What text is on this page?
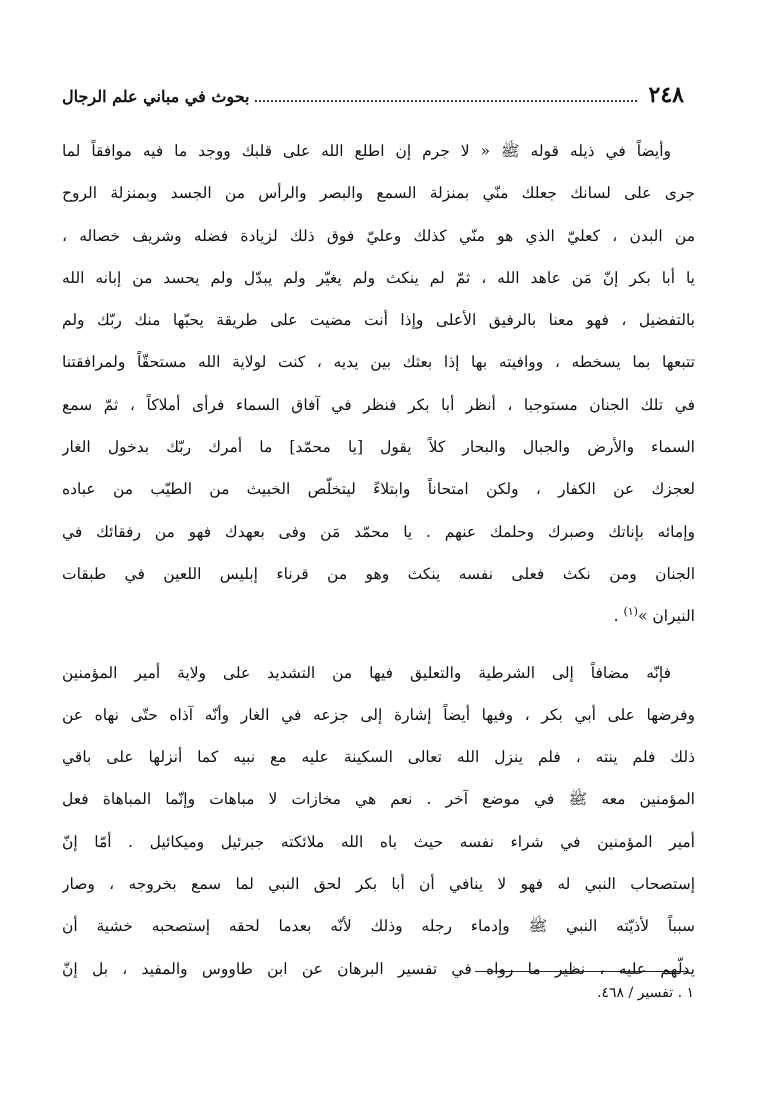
٢٤٨
بحوث في مباني علم الرجال
وأيضاً في ذيله قوله ﷺ « لا جرم إن اطلع الله على قلبك ووجد ما فيه موافقاً لما
جرى على لسانك جعلك منّي بمنزلة السمع والبصر والرأس من الجسد وبمنزلة الروح
من البدن ، كعليّ الذي هو منّي كذلك وعليّ فوق ذلك لزيادة فضله وشريف خصاله ،
يا أبا بكر إنّ مَن عاهد الله ، ثمّ لم ينكث ولم يغيّر ولم يبدّل ولم يحسد من إبانه الله
بالتفضيل ، فهو معنا بالرفيق الأعلى وإذا أنت مضيت على طريقة يحبّها منك ربّك ولم
تتبعها بما يسخطه ، ووافيته بها إذا بعثك بين يديه ، كنت لولاية الله مستحقّاً ولمرافقتنا
في تلك الجنان مستوجبا ، أنظر أبا بكر فنظر في آفاق السماء فرأى أملاكاً ، ثمّ سمع
السماء والأرض والجبال والبحار كلاً يقول [يا محمّد] ما أمرك ربّك بدخول الغار
لعجزك عن الكفار ، ولكن امتحاناً وابتلاءً ليتخلّص الخبيث من الطيّب من عباده
وإمائه بإناتك وصبرك وحلمك عنهم . يا محمّد مَن وفى بعهدك فهو من رفقائك في
الجنان ومن نكث فعلى نفسه ينكث وهو من قرناء إبليس اللعين في طبقات
النيران »$^{(١)}$ .
فإنّه مضافاً إلى الشرطية والتعليق فيها من التشديد على ولاية أمير المؤمنين
وفرضها على أبي بكر ، وفيها أيضاً إشارة إلى جزعه في الغار وأنّه آذاه حتّى نهاه عن
ذلك فلم ينته ، فلم ينزل الله تعالى السكينة عليه مع نبيه كما أنزلها على باقي
المؤمنين معه ﷺ في موضع آخر . نعم هي مخازات لا مباهات وإنّما المباهاة فعل
أمير المؤمنين في شراء نفسه حيث باه الله ملائكته جبرئيل وميكائيل . أمّا إنّ
إستصحاب النبي له فهو لا ينافي أن أبا بكر لحق النبي لما سمع بخروجه ، وصار
سبباً لأذيّته النبي ﷺ وإدماء رجله وذلك لأنّه بعدما لحقه إستصحبه خشية أن
يدلّهم عليه ، نظير ما رواه في تفسير البرهان عن ابن طاووس والمفيد ، بل إنّ
١ . تفسير / ٤٦٨.
